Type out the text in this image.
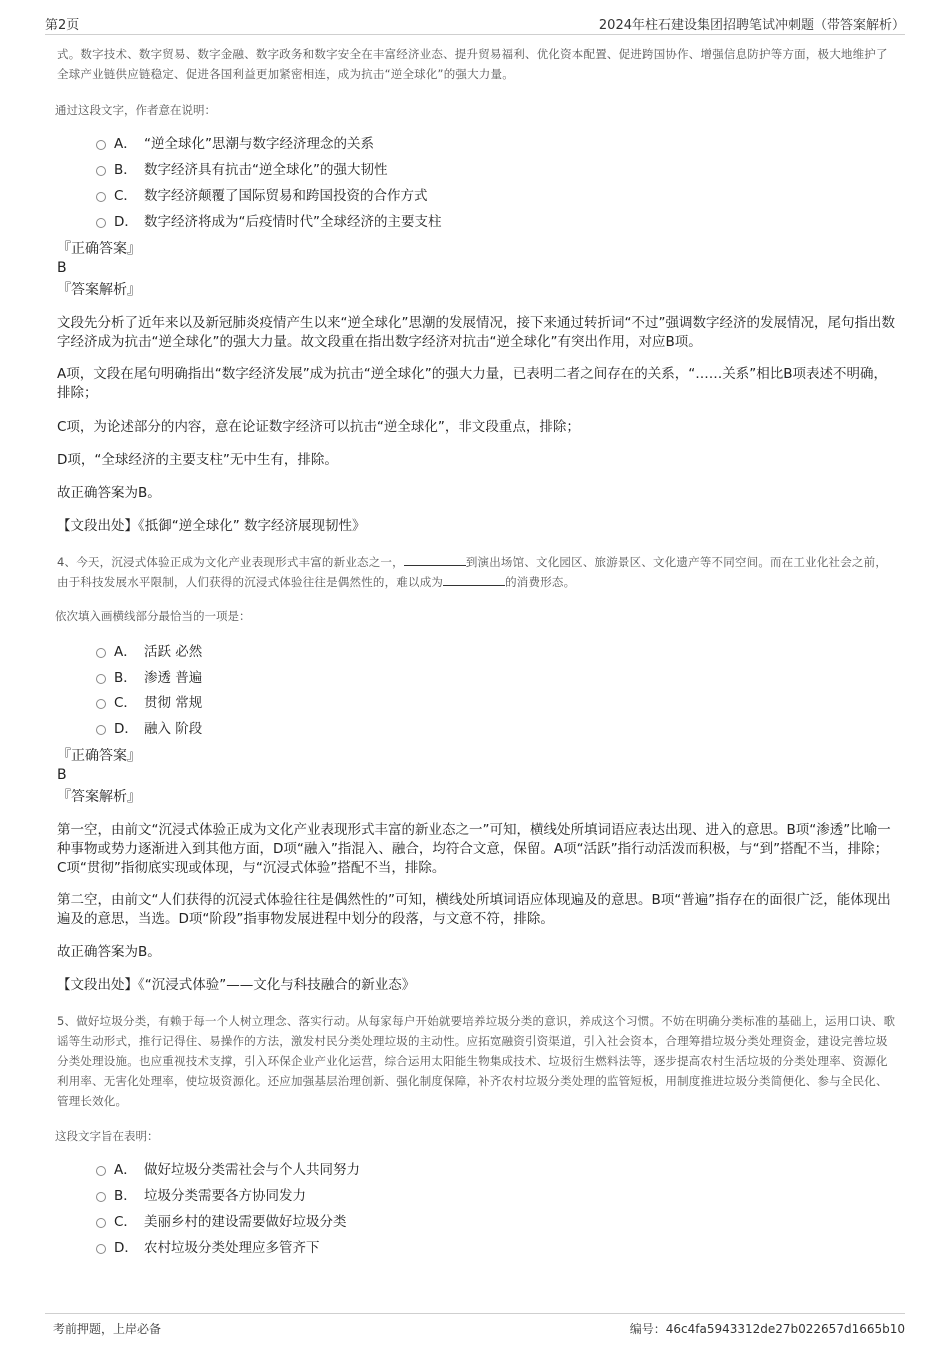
第2页	2024年柱石建设集团招聘笔试冲刺题（带答案解析）

式。数字技术、数字贸易、数字金融、数字政务和数字安全在丰富经济业态、提升贸易福利、优化资本配置、促进跨国协作、增强信息防护等方面，极大地维护了全球产业链供应链稳定、促进各国利益更加紧密相连，成为抗击“逆全球化”的强大力量。

通过这段文字，作者意在说明：
A． “逆全球化”思潮与数字经济理念的关系
B． 数字经济具有抗击“逆全球化”的强大韧性
C． 数字经济颠覆了国际贸易和跨国投资的合作方式
D． 数字经济将成为“后疫情时代”全球经济的主要支柱
『正确答案』
B
『答案解析』

文段先分析了近年来以及新冠肺炎疫情产生以来“逆全球化”思潮的发展情况，接下来通过转折词“不过”强调数字经济的发展情况，尾句指出数字经济成为抗击“逆全球化”的强大力量。故文段重在指出数字经济对抗击“逆全球化”有突出作用，对应B项。

A项，文段在尾句明确指出“数字经济发展”成为抗击“逆全球化”的强大力量，已表明二者之间存在的关系，“……关系”相比B项表述不明确，排除；

C项，为论述部分的内容，意在论证数字经济可以抗击“逆全球化”，非文段重点，排除；

D项，“全球经济的主要支柱”无中生有，排除。

故正确答案为B。

【文段出处】《抵御“逆全球化” 数字经济展现韧性》

4、今天，沉浸式体验正成为文化产业表现形式丰富的新业态之一，	到演出场馆、文化园区、旅游景区、文化遗产等不同空间。而在工业化社会之前，由于科技发展水平限制，人们获得的沉浸式体验往往是偶然性的，难以成为	的消费形态。

依次填入画横线部分最恰当的一项是：
A． 活跃 必然
B． 渗透 普遍
C． 贯彻 常规
D． 融入 阶段
『正确答案』
B
『答案解析』

第一空，由前文“沉浸式体验正成为文化产业表现形式丰富的新业态之一”可知，横线处所填词语应表达出现、进入的意思。B项“渗透”比喻一种事物或势力逐渐进入到其他方面，D项“融入”指混入、融合，均符合文意，保留。A项“活跃”指行动活泼而积极，与“到”搭配不当，排除；C项“贯彻”指彻底实现或体现，与“沉浸式体验”搭配不当，排除。

第二空，由前文“人们获得的沉浸式体验往往是偶然性的”可知，横线处所填词语应体现遍及的意思。B项“普遍”指存在的面很广泛，能体现出遍及的意思，当选。D项“阶段”指事物发展进程中划分的段落，与文意不符，排除。

故正确答案为B。

【文段出处】《“沉浸式体验”——文化与科技融合的新业态》

5、做好垃圾分类，有赖于每一个人树立理念、落实行动。从每家每户开始就要培养垃圾分类的意识，养成这个习惯。不妨在明确分类标准的基础上，运用口诀、歌谣等生动形式，推行记得住、易操作的方法，激发村民分类处理垃圾的主动性。应拓宽融资引资渠道，引入社会资本，合理筹措垃圾分类处理资金，建设完善垃圾分类处理设施。也应重视技术支撑，引入环保企业产业化运营，综合运用太阳能生物集成技术、垃圾衍生燃料法等，逐步提高农村生活垃圾的分类处理率、资源化利用率、无害化处理率，使垃圾资源化。还应加强基层治理创新、强化制度保障，补齐农村垃圾分类处理的监管短板，用制度推进垃圾分类简便化、参与全民化、管理长效化。

这段文字旨在表明：
A． 做好垃圾分类需社会与个人共同努力
B． 垃圾分类需要各方协同发力
C． 美丽乡村的建设需要做好垃圾分类
D． 农村垃圾分类处理应多管齐下
考前押题，上岸必备	编号：46c4fa5943312de27b022657d1665b10
